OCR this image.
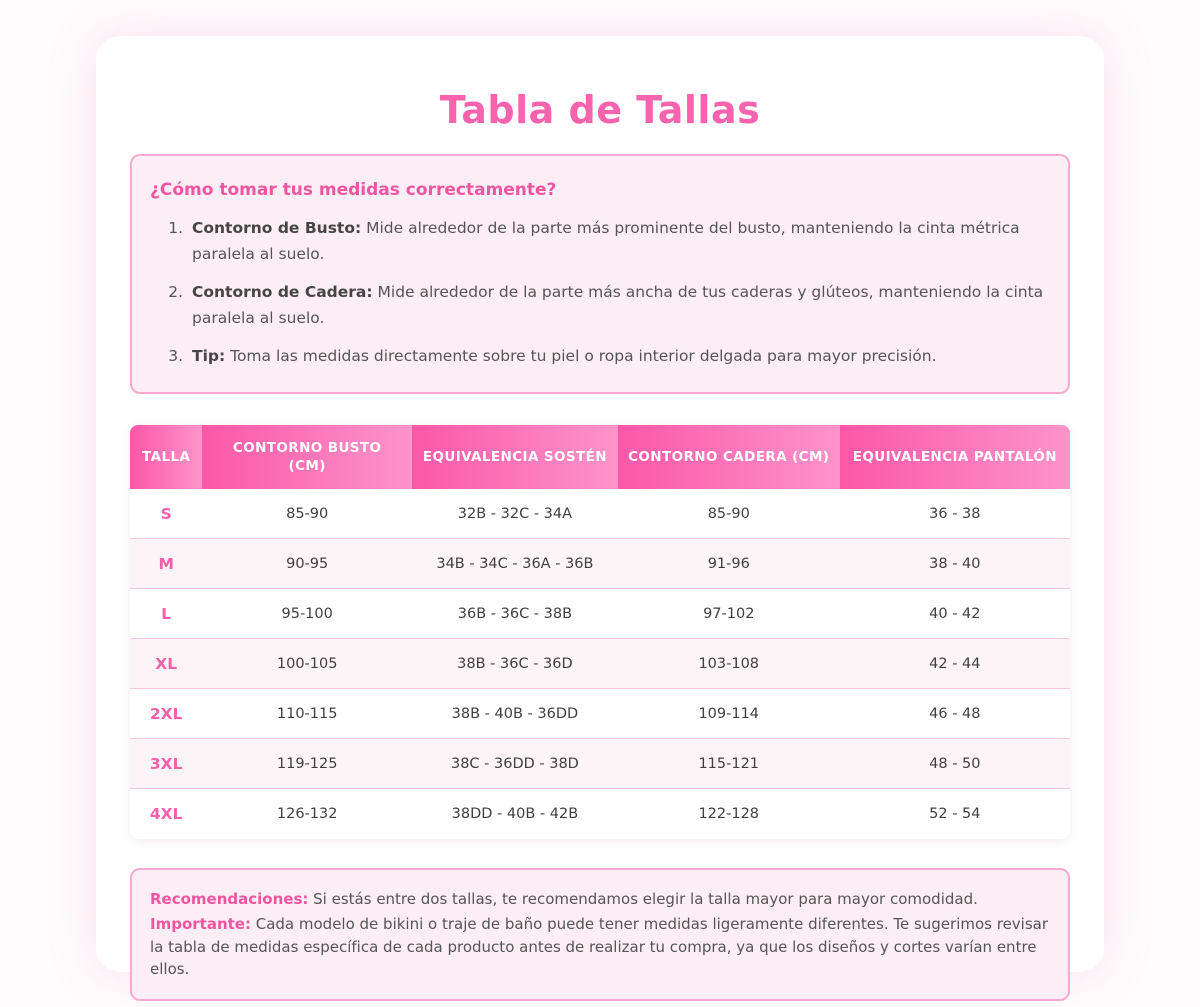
Tabla de Tallas
¿Cómo tomar tus medidas correctamente?
1. Contorno de Busto: Mide alrededor de la parte más prominente del busto, manteniendo la cinta métrica paralela al suelo.
2. Contorno de Cadera: Mide alrededor de la parte más ancha de tus caderas y glúteos, manteniendo la cinta paralela al suelo.
3. Tip: Toma las medidas directamente sobre tu piel o ropa interior delgada para mayor precisión.
TALLA	CONTORNO BUSTO (CM)	EQUIVALENCIA SOSTÉN	CONTORNO CADERA (CM)	EQUIVALENCIA PANTALÓN
S	85-90	32B - 32C - 34A	85-90	36 - 38
M	90-95	34B - 34C - 36A - 36B	91-96	38 - 40
L	95-100	36B - 36C - 38B	97-102	40 - 42
XL	100-105	38B - 36C - 36D	103-108	42 - 44
2XL	110-115	38B - 40B - 36DD	109-114	46 - 48
3XL	119-125	38C - 36DD - 38D	115-121	48 - 50
4XL	126-132	38DD - 40B - 42B	122-128	52 - 54

Recomendaciones: Si estás entre dos tallas, te recomendamos elegir la talla mayor para mayor comodidad.

Importante: Cada modelo de bikini o traje de baño puede tener medidas ligeramente diferentes. Te sugerimos revisar la tabla de medidas específica de cada producto antes de realizar tu compra, ya que los diseños y cortes varían entre ellos.
